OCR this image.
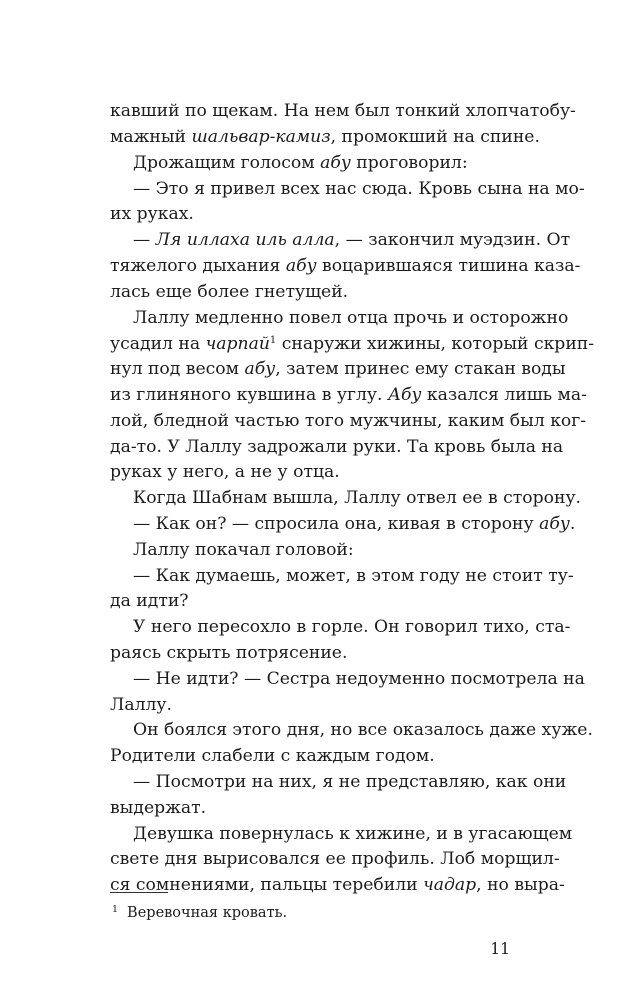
кавший по щекам. На нем был тонкий хлопчатобу-
мажный шальвар-камиз, промокший на спине.
Дрожащим голосом абу проговорил:
— Это я привел всех нас сюда. Кровь сына на мо-
их руках.
— Ля иллаха иль алла, — закончил муэдзин. От
тяжелого дыхания абу воцарившаяся тишина каза-
лась еще более гнетущей.
Лаллу медленно повел отца прочь и осторожно
усадил на чарпай$^1$ снаружи хижины, который скрип-
нул под весом абу, затем принес ему стакан воды
из глиняного кувшина в углу. Абу казался лишь ма-
лой, бледной частью того мужчины, каким был ког-
да-то. У Лаллу задрожали руки. Та кровь была на
руках у него, а не у отца.
Когда Шабнам вышла, Лаллу отвел ее в сторону.
— Как он? — спросила она, кивая в сторону абу.
Лаллу покачал головой:
— Как думаешь, может, в этом году не стоит ту-
да идти?
У него пересохло в горле. Он говорил тихо, ста-
раясь скрыть потрясение.
— Не идти? — Сестра недоуменно посмотрела на
Лаллу.
Он боялся этого дня, но все оказалось даже хуже.
Родители слабели с каждым годом.
— Посмотри на них, я не представляю, как они
выдержат.
Девушка повернулась к хижине, и в угасающем
свете дня вырисовался ее профиль. Лоб морщил-
ся сомнениями, пальцы теребили чадар, но выра-
$^1$ Веревочная кровать.
11
